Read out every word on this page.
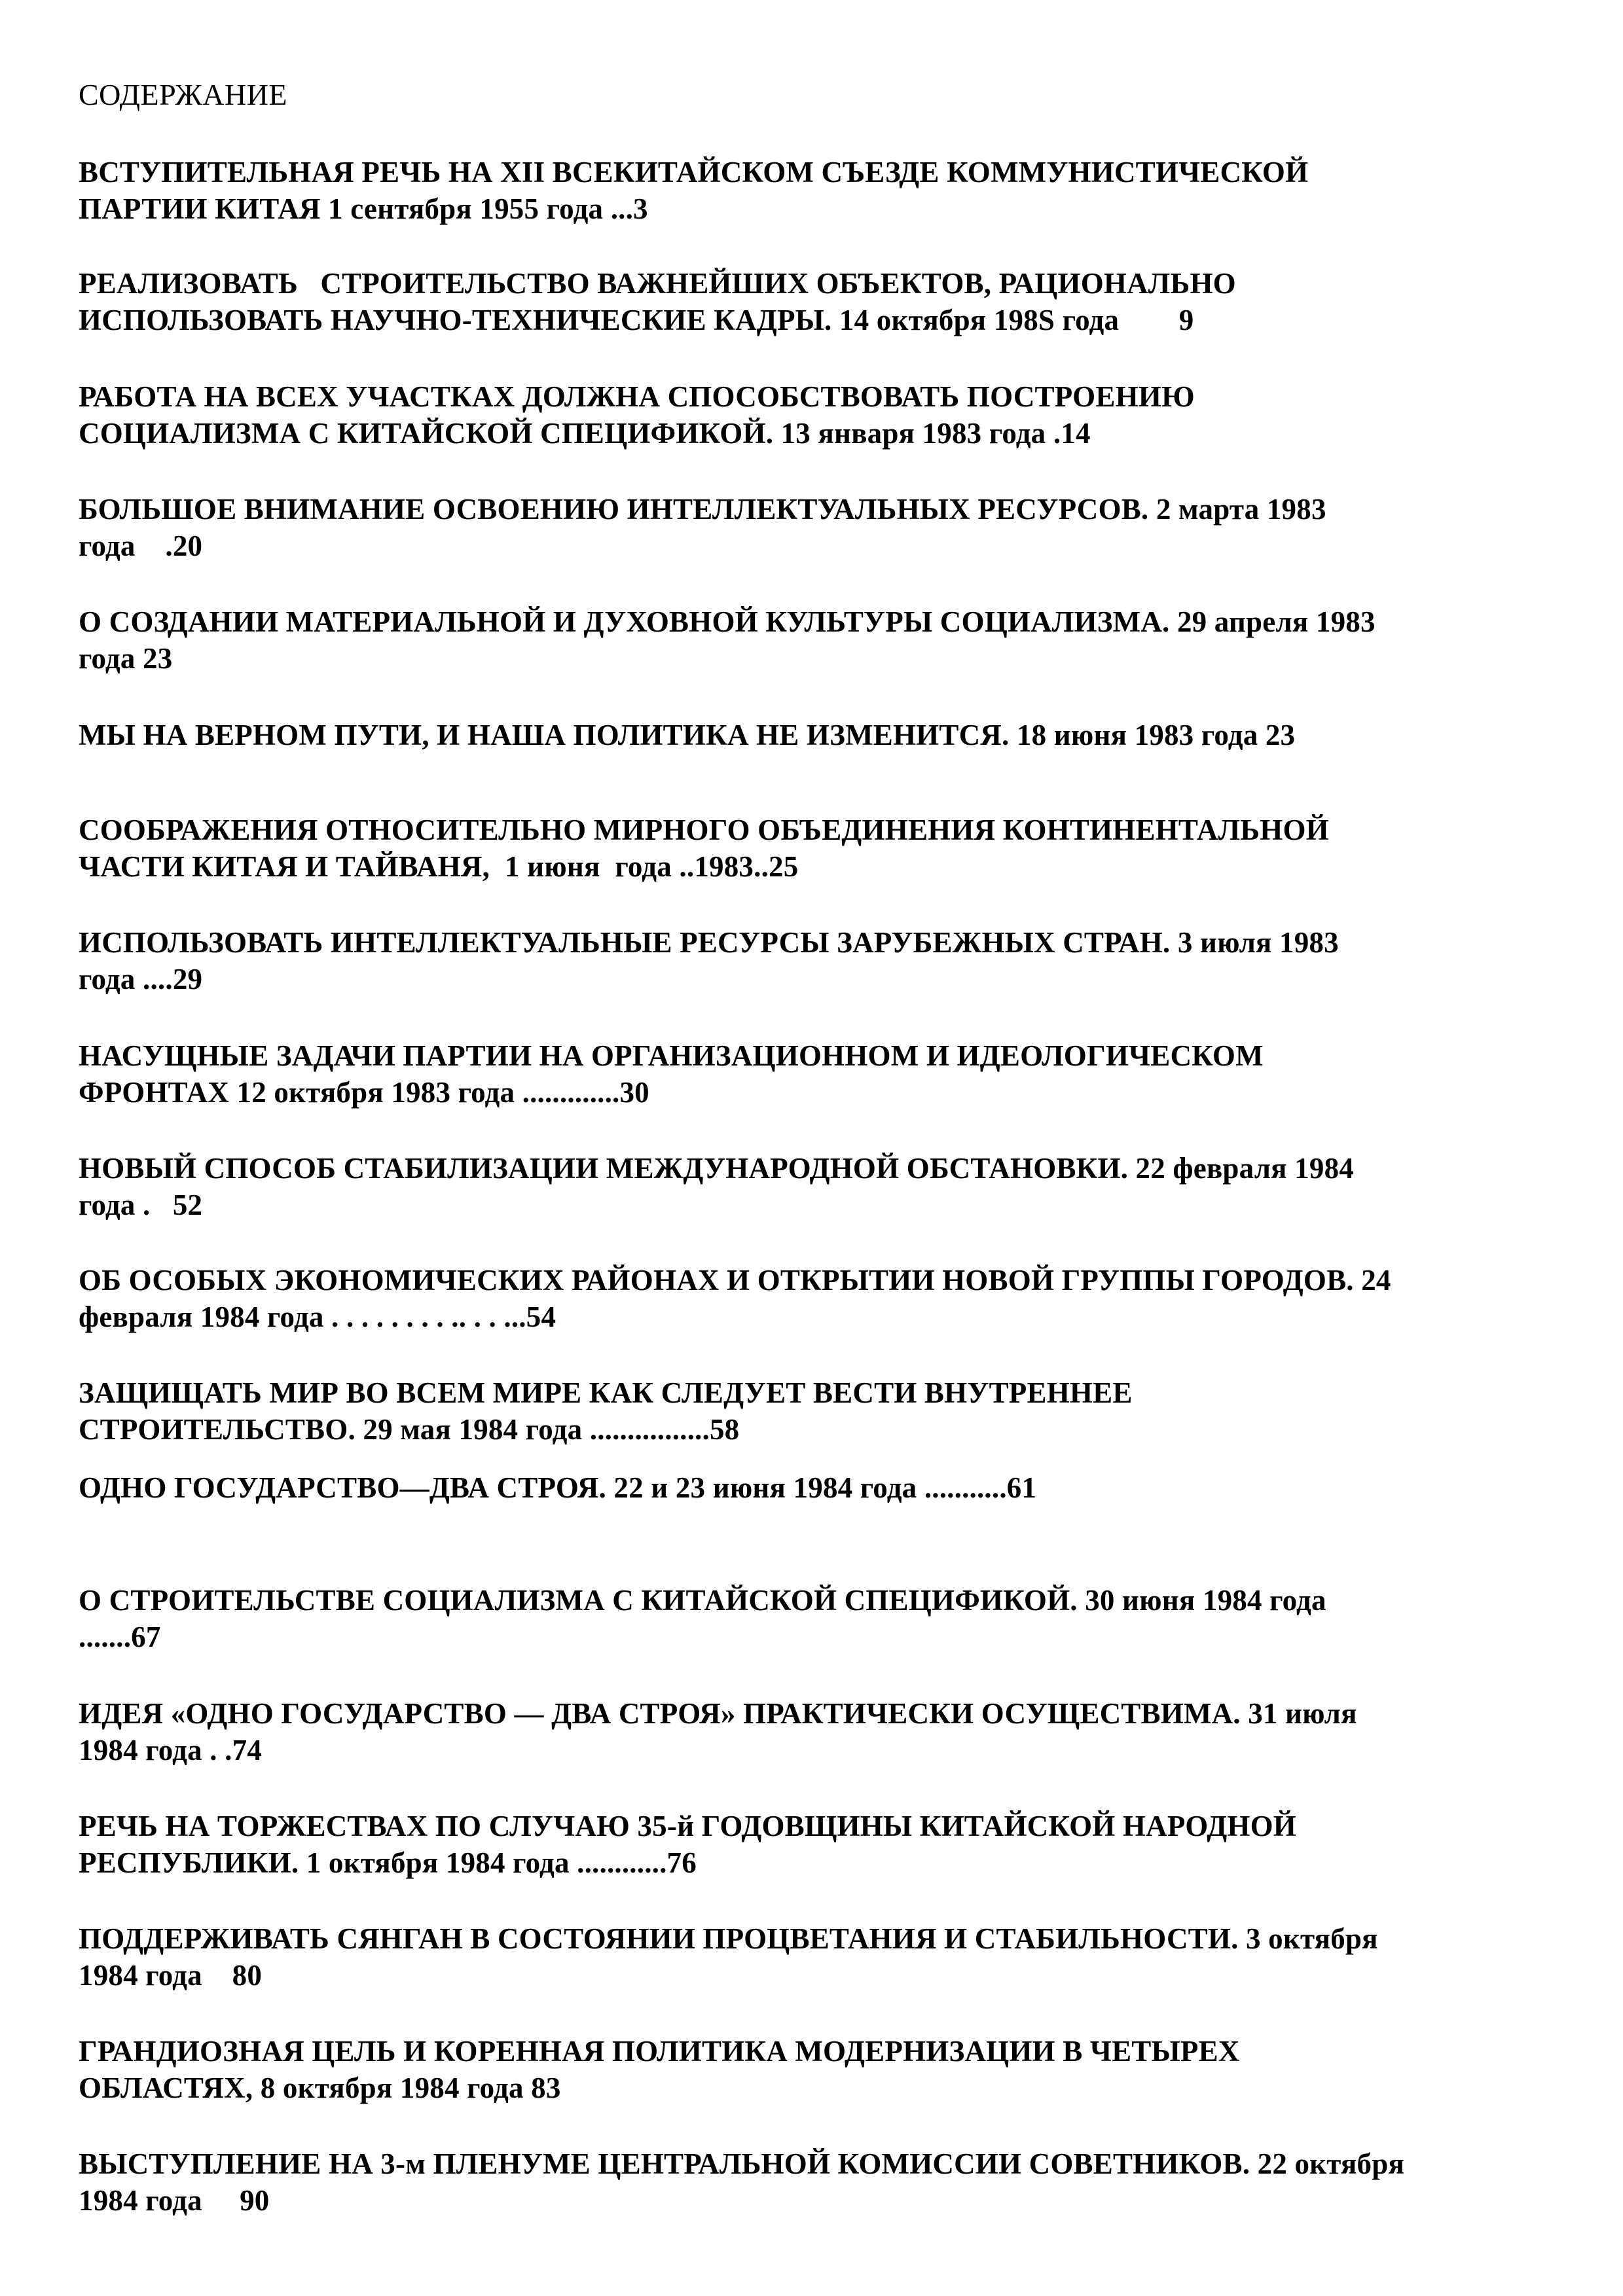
СОДЕРЖАНИЕ
ВСТУПИТЕЛЬНАЯ РЕЧЬ НА XII ВСЕКИТАЙСКОМ СЪЕЗДЕ КОММУНИСТИЧЕСКОЙ
ПАРТИИ КИТАЯ 1 сентября 1955 года ...3
РЕАЛИЗОВАТЬ   СТРОИТЕЛЬСТВО ВАЖНЕЙШИХ ОБЪЕКТОВ, РАЦИОНАЛЬНО
ИСПОЛЬЗОВАТЬ НАУЧНО-ТЕХНИЧЕСКИЕ КАДРЫ. 14 октября 198S года        9
РАБОТА НА ВСЕХ УЧАСТКАХ ДОЛЖНА СПОСОБСТВОВАТЬ ПОСТРОЕНИЮ
СОЦИАЛИЗМА С КИТАЙСКОЙ СПЕЦИФИКОЙ. 13 января 1983 года .14
БОЛЬШОЕ ВНИМАНИЕ ОСВОЕНИЮ ИНТЕЛЛЕКТУАЛЬНЫХ РЕСУРСОВ. 2 марта 1983
года    .20
О СОЗДАНИИ МАТЕРИАЛЬНОЙ И ДУХОВНОЙ КУЛЬТУРЫ СОЦИАЛИЗМА. 29 апреля 1983
года 23
МЫ НА ВЕРНОМ ПУТИ, И НАША ПОЛИТИКА НЕ ИЗМЕНИТСЯ. 18 июня 1983 года 23
СООБРАЖЕНИЯ ОТНОСИТЕЛЬНО МИРНОГО ОБЪЕДИНЕНИЯ КОНТИНЕНТАЛЬНОЙ
ЧАСТИ КИТАЯ И ТАЙВАНЯ,  1 июня  года ..1983..25
ИСПОЛЬЗОВАТЬ ИНТЕЛЛЕКТУАЛЬНЫЕ РЕСУРСЫ ЗАРУБЕЖНЫХ СТРАН. 3 июля 1983
года ....29
НАСУЩНЫЕ ЗАДАЧИ ПАРТИИ НА ОРГАНИЗАЦИОННОМ И ИДЕОЛОГИЧЕСКОМ
ФРОНТАХ 12 октября 1983 года .............30
НОВЫЙ СПОСОБ СТАБИЛИЗАЦИИ МЕЖДУНАРОДНОЙ ОБСТАНОВКИ. 22 февраля 1984
года .   52
ОБ ОСОБЫХ ЭКОНОМИЧЕСКИХ РАЙОНАХ И ОТКРЫТИИ НОВОЙ ГРУППЫ ГОРОДОВ. 24
февраля 1984 года . . . . . . . . .. . . ...54
ЗАЩИЩАТЬ МИР ВО ВСЕМ МИРЕ КАК СЛЕДУЕТ ВЕСТИ ВНУТРЕННЕЕ
СТРОИТЕЛЬСТВО. 29 мая 1984 года ................58
ОДНО ГОСУДАРСТВО—ДВА СТРОЯ. 22 и 23 июня 1984 года ...........61
О СТРОИТЕЛЬСТВЕ СОЦИАЛИЗМА С КИТАЙСКОЙ СПЕЦИФИКОЙ. 30 июня 1984 года
.......67
ИДЕЯ «ОДНО ГОСУДАРСТВО — ДВА СТРОЯ» ПРАКТИЧЕСКИ ОСУЩЕСТВИМА. 31 июля
1984 года . .74
РЕЧЬ НА ТОРЖЕСТВАХ ПО СЛУЧАЮ 35-й ГОДОВЩИНЫ КИТАЙСКОЙ НАРОДНОЙ
РЕСПУБЛИКИ. 1 октября 1984 года ............76
ПОДДЕРЖИВАТЬ СЯНГАН В СОСТОЯНИИ ПРОЦВЕТАНИЯ И СТАБИЛЬНОСТИ. 3 октября
1984 года    80
ГРАНДИОЗНАЯ ЦЕЛЬ И КОРЕННАЯ ПОЛИТИКА МОДЕРНИЗАЦИИ В ЧЕТЫРЕХ
ОБЛАСТЯХ, 8 октября 1984 года 83
ВЫСТУПЛЕНИЕ НА 3-м ПЛЕНУМЕ ЦЕНТРАЛЬНОЙ КОМИССИИ СОВЕТНИКОВ. 22 октября
1984 года     90
